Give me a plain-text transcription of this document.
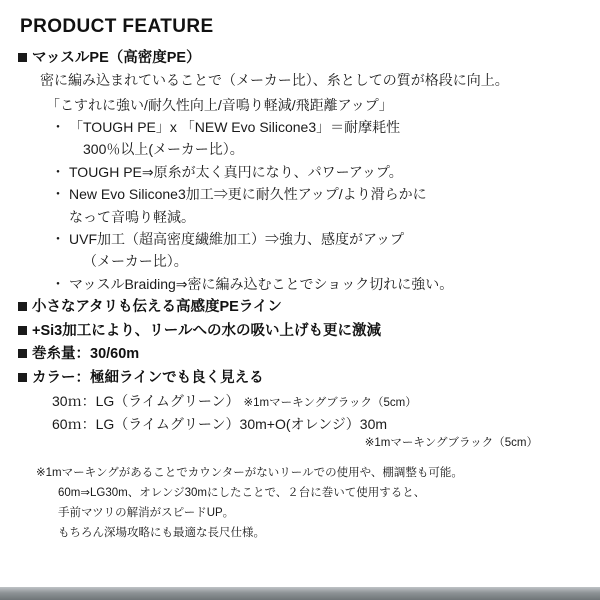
PRODUCT FEATURE
マッスルPE（高密度PE）
密に編み込まれていることで（メーカー比）、糸としての質が格段に向上。
「こすれに強い/耐久性向上/音鳴り軽減/飛距離アップ」
・ 「TOUGH PE」x 「NEW Evo Silicone3」＝耐摩耗性
300％以上(メーカー比）。
・ TOUGH PE⇒原糸が太く真円になり、パワーアップ。
・ New Evo Silicone3加工⇒更に耐久性アップ/より滑らかに
なって音鳴り軽減。
・ UVF加工（超高密度繊維加工）⇒強力、感度がアップ
（メーカー比）。
・ マッスルBraiding⇒密に編み込むことでショック切れに強い。
小さなアタリも伝える高感度PEライン
+Si3加工により、リールへの水の吸い上げも更に激減
巻糸量：30/60m
カラー：極細ラインでも良く見える
30ｍ：LG（ライムグリーン） ※1mマーキングブラック（5cm）
60ｍ：LG（ライムグリーン）30m+O(オレンジ）30m
※1mマーキングブラック（5cm）
※1mマーキングがあることでカウンターがないリールでの使用や、棚調整も可能。

60m⇒LG30m、オレンジ30mにしたことで、２台に巻いて使用すると、
手前マツリの解消がスピードUP。
もちろん深場攻略にも最適な長尺仕様。
